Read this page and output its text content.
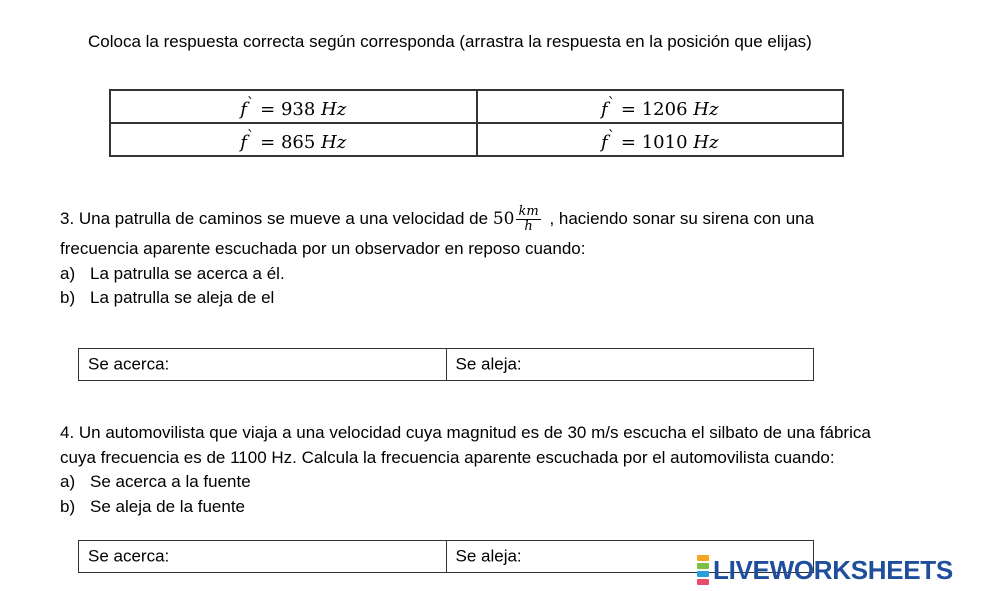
Coloca la respuesta correcta según corresponda (arrastra la respuesta en la posición que elijas)
f` = 938 Hz	f` = 1206 Hz
f` = 865 Hz	f` = 1010 Hz
3. Una patrulla de caminos se mueve a una velocidad de $50 \frac{km}{h}$ , haciendo sonar su sirena con una
frecuencia aparente escuchada por un observador en reposo cuando:
a) La patrulla se acerca a él.
b) La patrulla se aleja de el
Se acerca:	Se aleja:
4. Un automovilista que viaja a una velocidad cuya magnitud es de 30 m/s escucha el silbato de una fábrica
cuya frecuencia es de 1100 Hz. Calcula la frecuencia aparente escuchada por el automovilista cuando:
a) Se acerca a la fuente
b) Se aleja de la fuente
Se acerca:	Se aleja:	LIVEWORKSHEETS
